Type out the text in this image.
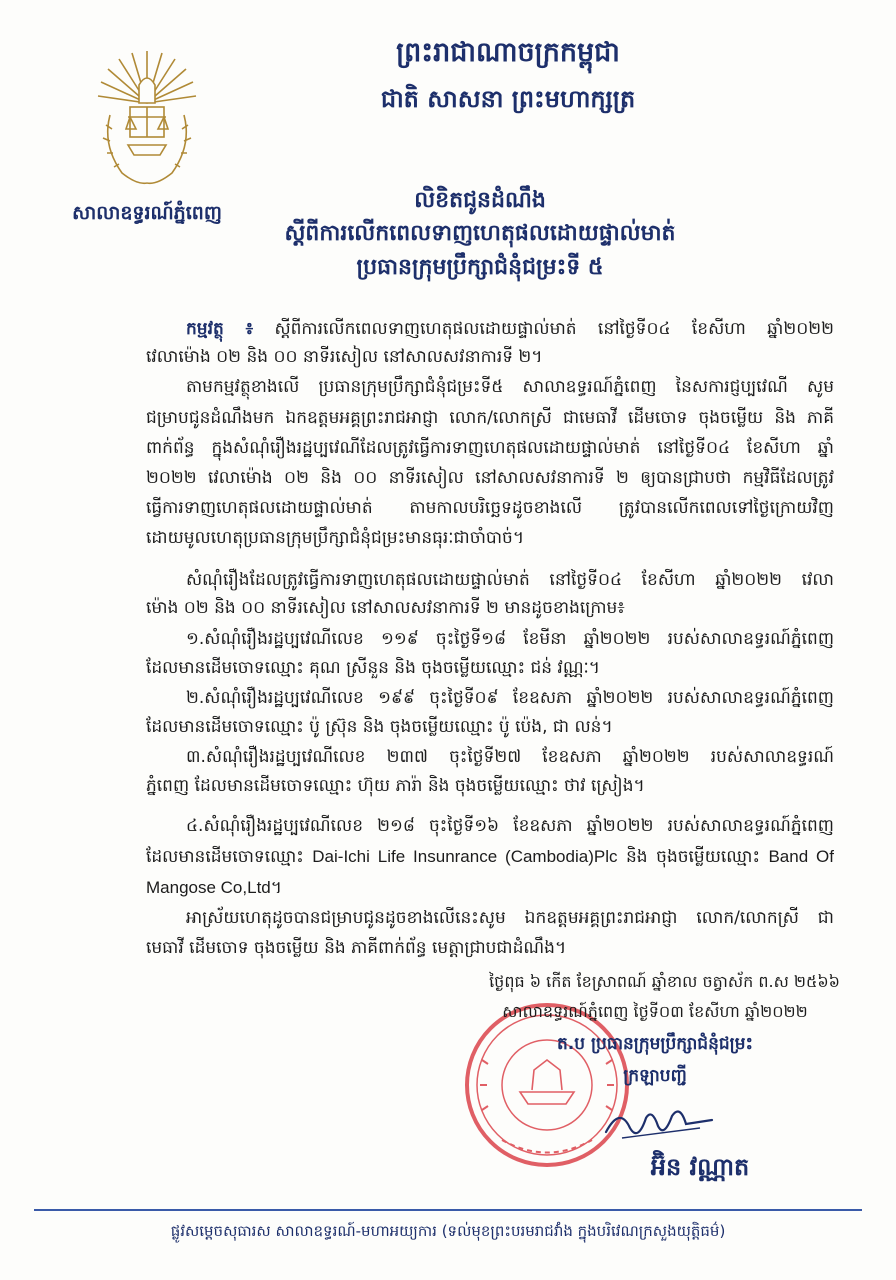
សាលាឧទ្ធរណ៍ភ្នំពេញ
ព្រះរាជាណាចក្រកម្ពុជា
ជាតិ សាសនា ព្រះមហាក្សត្រ
លិខិតជូនដំណឹង
ស្តីពីការលើកពេលទាញហេតុផលដោយផ្ទាល់មាត់
ប្រធានក្រុមប្រឹក្សាជំនុំជម្រះទី ៥
កម្មវត្ថុ ៖ ស្តីពីការលើកពេលទាញហេតុផលដោយផ្ទាល់មាត់ នៅថ្ងៃទី០៤ ខែសីហា ឆ្នាំ២០២២
វេលាម៉ោង ០២ និង ០០ នាទីរសៀល នៅសាលសវនាការទី ២។
តាមកម្មវត្ថុខាងលើ ប្រធានក្រុមប្រឹក្សាជំនុំជម្រះទី៥ សាលាឧទ្ធរណ៍ភ្នំពេញ នៃសការជ្ញប្បវេណី សូម
ជម្រាបជូនដំណឹងមក ឯកឧត្តមអគ្គព្រះរាជអាជ្ញា លោក/លោកស្រី ជាមេធាវី ដើមចោទ ចុងចម្លើយ និង ភាគី
ពាក់ព័ន្ធ ក្នុងសំណុំរឿងរដ្ឋប្បវេណីដែលត្រូវធ្វើការទាញហេតុផលដោយផ្ទាល់មាត់ នៅថ្ងៃទី០៤ ខែសីហា ឆ្នាំ
២០២២ វេលាម៉ោង ០២ និង ០០ នាទីរសៀល នៅសាលសវនាការទី ២ ឲ្យបានជ្រាបថា កម្មវិធីដែលត្រូវ
ធ្វើការទាញហេតុផលដោយផ្ទាល់មាត់ តាមកាលបរិច្ឆេទដូចខាងលើ ត្រូវបានលើកពេលទៅថ្ងៃក្រោយវិញ
ដោយមូលហេតុប្រធានក្រុមប្រឹក្សាជំនុំជម្រះមានធុរៈជាចាំបាច់។
សំណុំរឿងដែលត្រូវធ្វើការទាញហេតុផលដោយផ្ទាល់មាត់ នៅថ្ងៃទី០៤ ខែសីហា ឆ្នាំ២០២២ វេលា
ម៉ោង ០២ និង ០០ នាទីរសៀល នៅសាលសវនាការទី ២ មានដូចខាងក្រោម៖
១.សំណុំរឿងរដ្ឋប្បវេណីលេខ ១១៩ ចុះថ្ងៃទី១៨ ខែមីនា ឆ្នាំ២០២២ របស់សាលាឧទ្ធរណ៍ភ្នំពេញ
ដែលមានដើមចោទឈ្មោះ គុណ ស្រីនួន និង ចុងចម្លើយឈ្មោះ ជន់ វណ្ណៈ។
២.សំណុំរឿងរដ្ឋប្បវេណីលេខ ១៩៩ ចុះថ្ងៃទី០៩ ខែឧសភា ឆ្នាំ២០២២ របស់សាលាឧទ្ធរណ៍ភ្នំពេញ
ដែលមានដើមចោទឈ្មោះ ប៉ូ ស្រ៊ុន និង ចុងចម្លើយឈ្មោះ ប៉ូ ប៉េង, ជា លន់។
៣.សំណុំរឿងរដ្ឋប្បវេណីលេខ ២៣៧ ចុះថ្ងៃទី២៧ ខែឧសភា ឆ្នាំ២០២២ របស់សាលាឧទ្ធរណ៍
ភ្នំពេញ ដែលមានដើមចោទឈ្មោះ ហ៊ុយ ភារ៉ា និង ចុងចម្លើយឈ្មោះ ថាវ ស្រៀង។
៤.សំណុំរឿងរដ្ឋប្បវេណីលេខ ២១៨ ចុះថ្ងៃទី១៦ ខែឧសភា ឆ្នាំ២០២២ របស់សាលាឧទ្ធរណ៍ភ្នំពេញ
ដែលមានដើមចោទឈ្មោះ Dai-Ichi Life Insunrance (Cambodia)Plc និង ចុងចម្លើយឈ្មោះ Band Of
Mangose Co,Ltd។
អាស្រ័យហេតុដូចបានជម្រាបជូនដូចខាងលើនេះសូម ឯកឧត្តមអគ្គព្រះរាជអាជ្ញា លោក/លោកស្រី ជា
មេធាវី ដើមចោទ ចុងចម្លើយ និង ភាគីពាក់ព័ន្ធ មេត្តាជ្រាបជាដំណឹង។
ថ្ងៃពុធ ៦ កើត ខែស្រាពណ៍ ឆ្នាំខាល ចត្វាស័ក ព.ស ២៥៦៦
សាលាឧទ្ធរណ៍ភ្នំពេញ ថ្ងៃទី០៣ ខែសីហា ឆ្នាំ២០២២
ត.ប ប្រធានក្រុមប្រឹក្សាជំនុំជម្រះ
ក្រឡាបញ្ជី
អ៊ិន វណ្ណាត
ផ្លូវសម្តេចសុធារស សាលាឧទ្ធរណ៍-មហាអយ្យការ (ទល់មុខព្រះបរមរាជវាំង ក្នុងបរិវេណក្រសួងយុត្តិធម៌)
